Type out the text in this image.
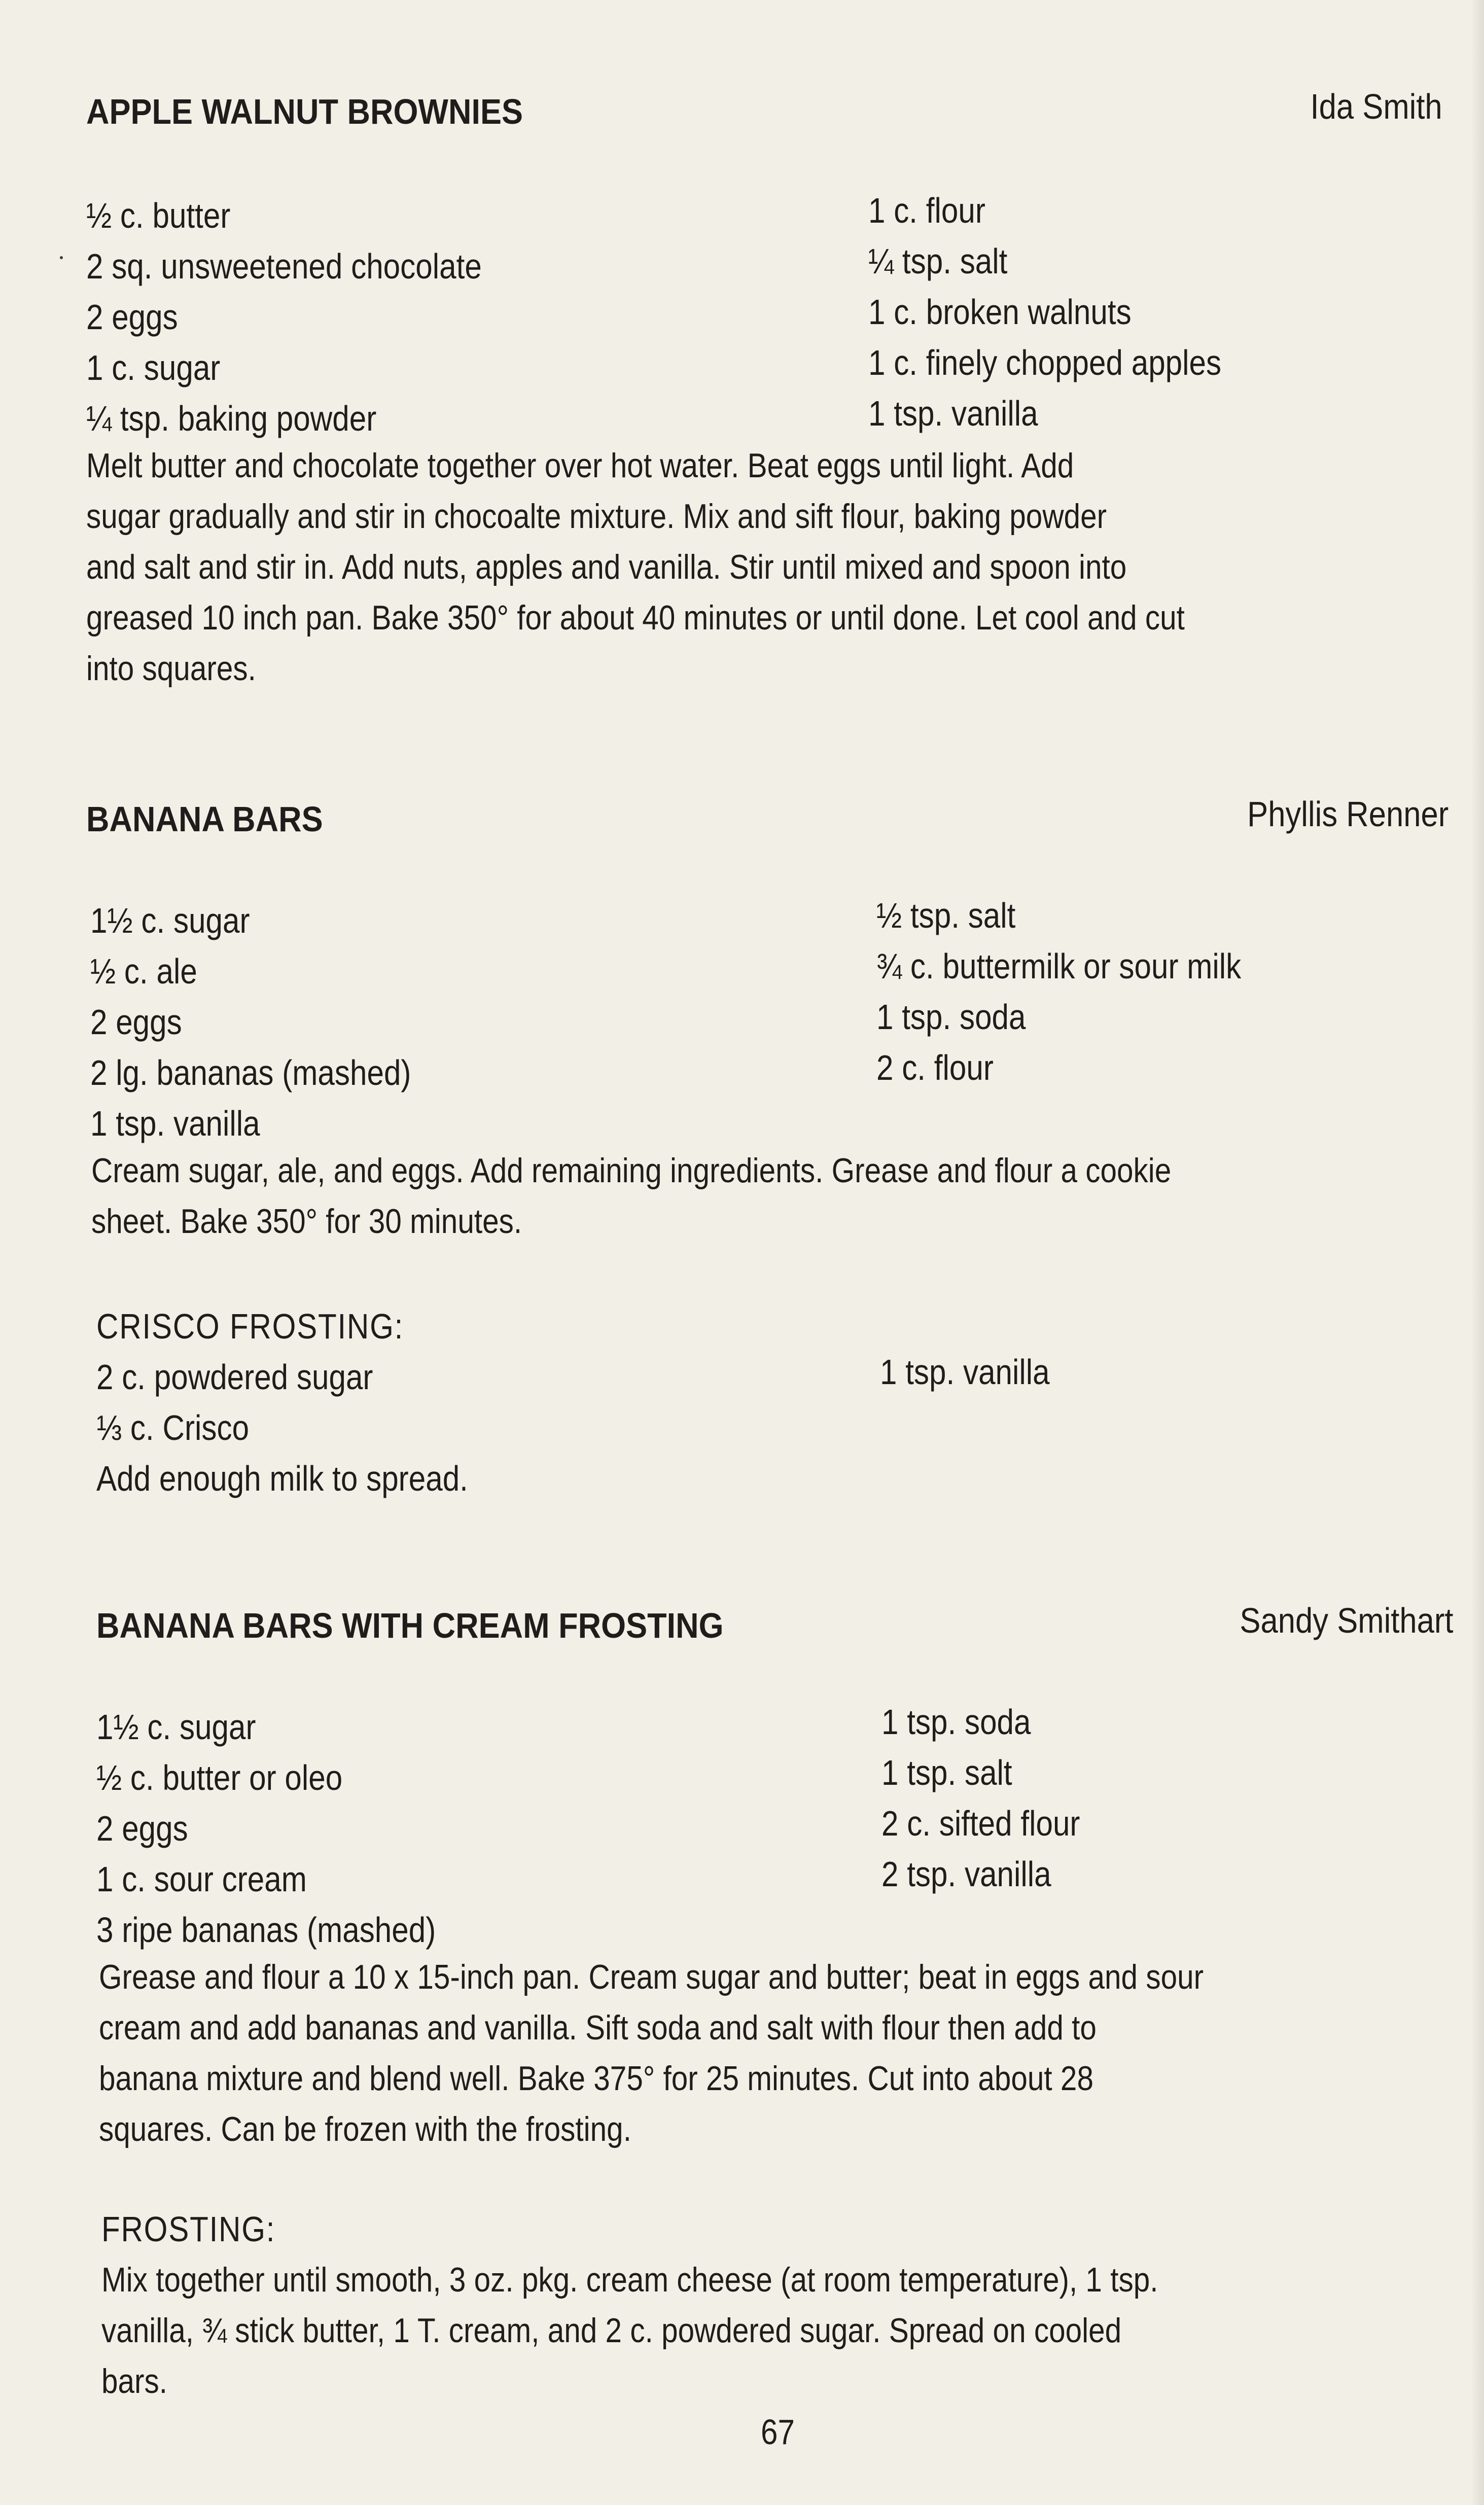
APPLE WALNUT BROWNIES	Ida Smith
½ c. butter
2 sq. unsweetened chocolate
2 eggs
1 c. sugar
¼ tsp. baking powder
1 c. flour
¼ tsp. salt
1 c. broken walnuts
1 c. finely chopped apples
1 tsp. vanilla
Melt butter and chocolate together over hot water. Beat eggs until light. Add
sugar gradually and stir in chocoalte mixture. Mix and sift flour, baking powder
and salt and stir in. Add nuts, apples and vanilla. Stir until mixed and spoon into
greased 10 inch pan. Bake 350° for about 40 minutes or until done. Let cool and cut
into squares.
BANANA BARS	Phyllis Renner
1½ c. sugar
½ c. ale
2 eggs
2 lg. bananas (mashed)
1 tsp. vanilla
½ tsp. salt
¾ c. buttermilk or sour milk
1 tsp. soda
2 c. flour
Cream sugar, ale, and eggs. Add remaining ingredients. Grease and flour a cookie
sheet. Bake 350° for 30 minutes.
CRISCO FROSTING:
2 c. powdered sugar
⅓ c. Crisco
Add enough milk to spread.
1 tsp. vanilla
BANANA BARS WITH CREAM FROSTING	Sandy Smithart
1½ c. sugar
½ c. butter or oleo
2 eggs
1 c. sour cream
3 ripe bananas (mashed)
1 tsp. soda
1 tsp. salt
2 c. sifted flour
2 tsp. vanilla
Grease and flour a 10 x 15-inch pan. Cream sugar and butter; beat in eggs and sour
cream and add bananas and vanilla. Sift soda and salt with flour then add to
banana mixture and blend well. Bake 375° for 25 minutes. Cut into about 28
squares. Can be frozen with the frosting.
FROSTING:
Mix together until smooth, 3 oz. pkg. cream cheese (at room temperature), 1 tsp.
vanilla, ¾ stick butter, 1 T. cream, and 2 c. powdered sugar. Spread on cooled
bars.
67
